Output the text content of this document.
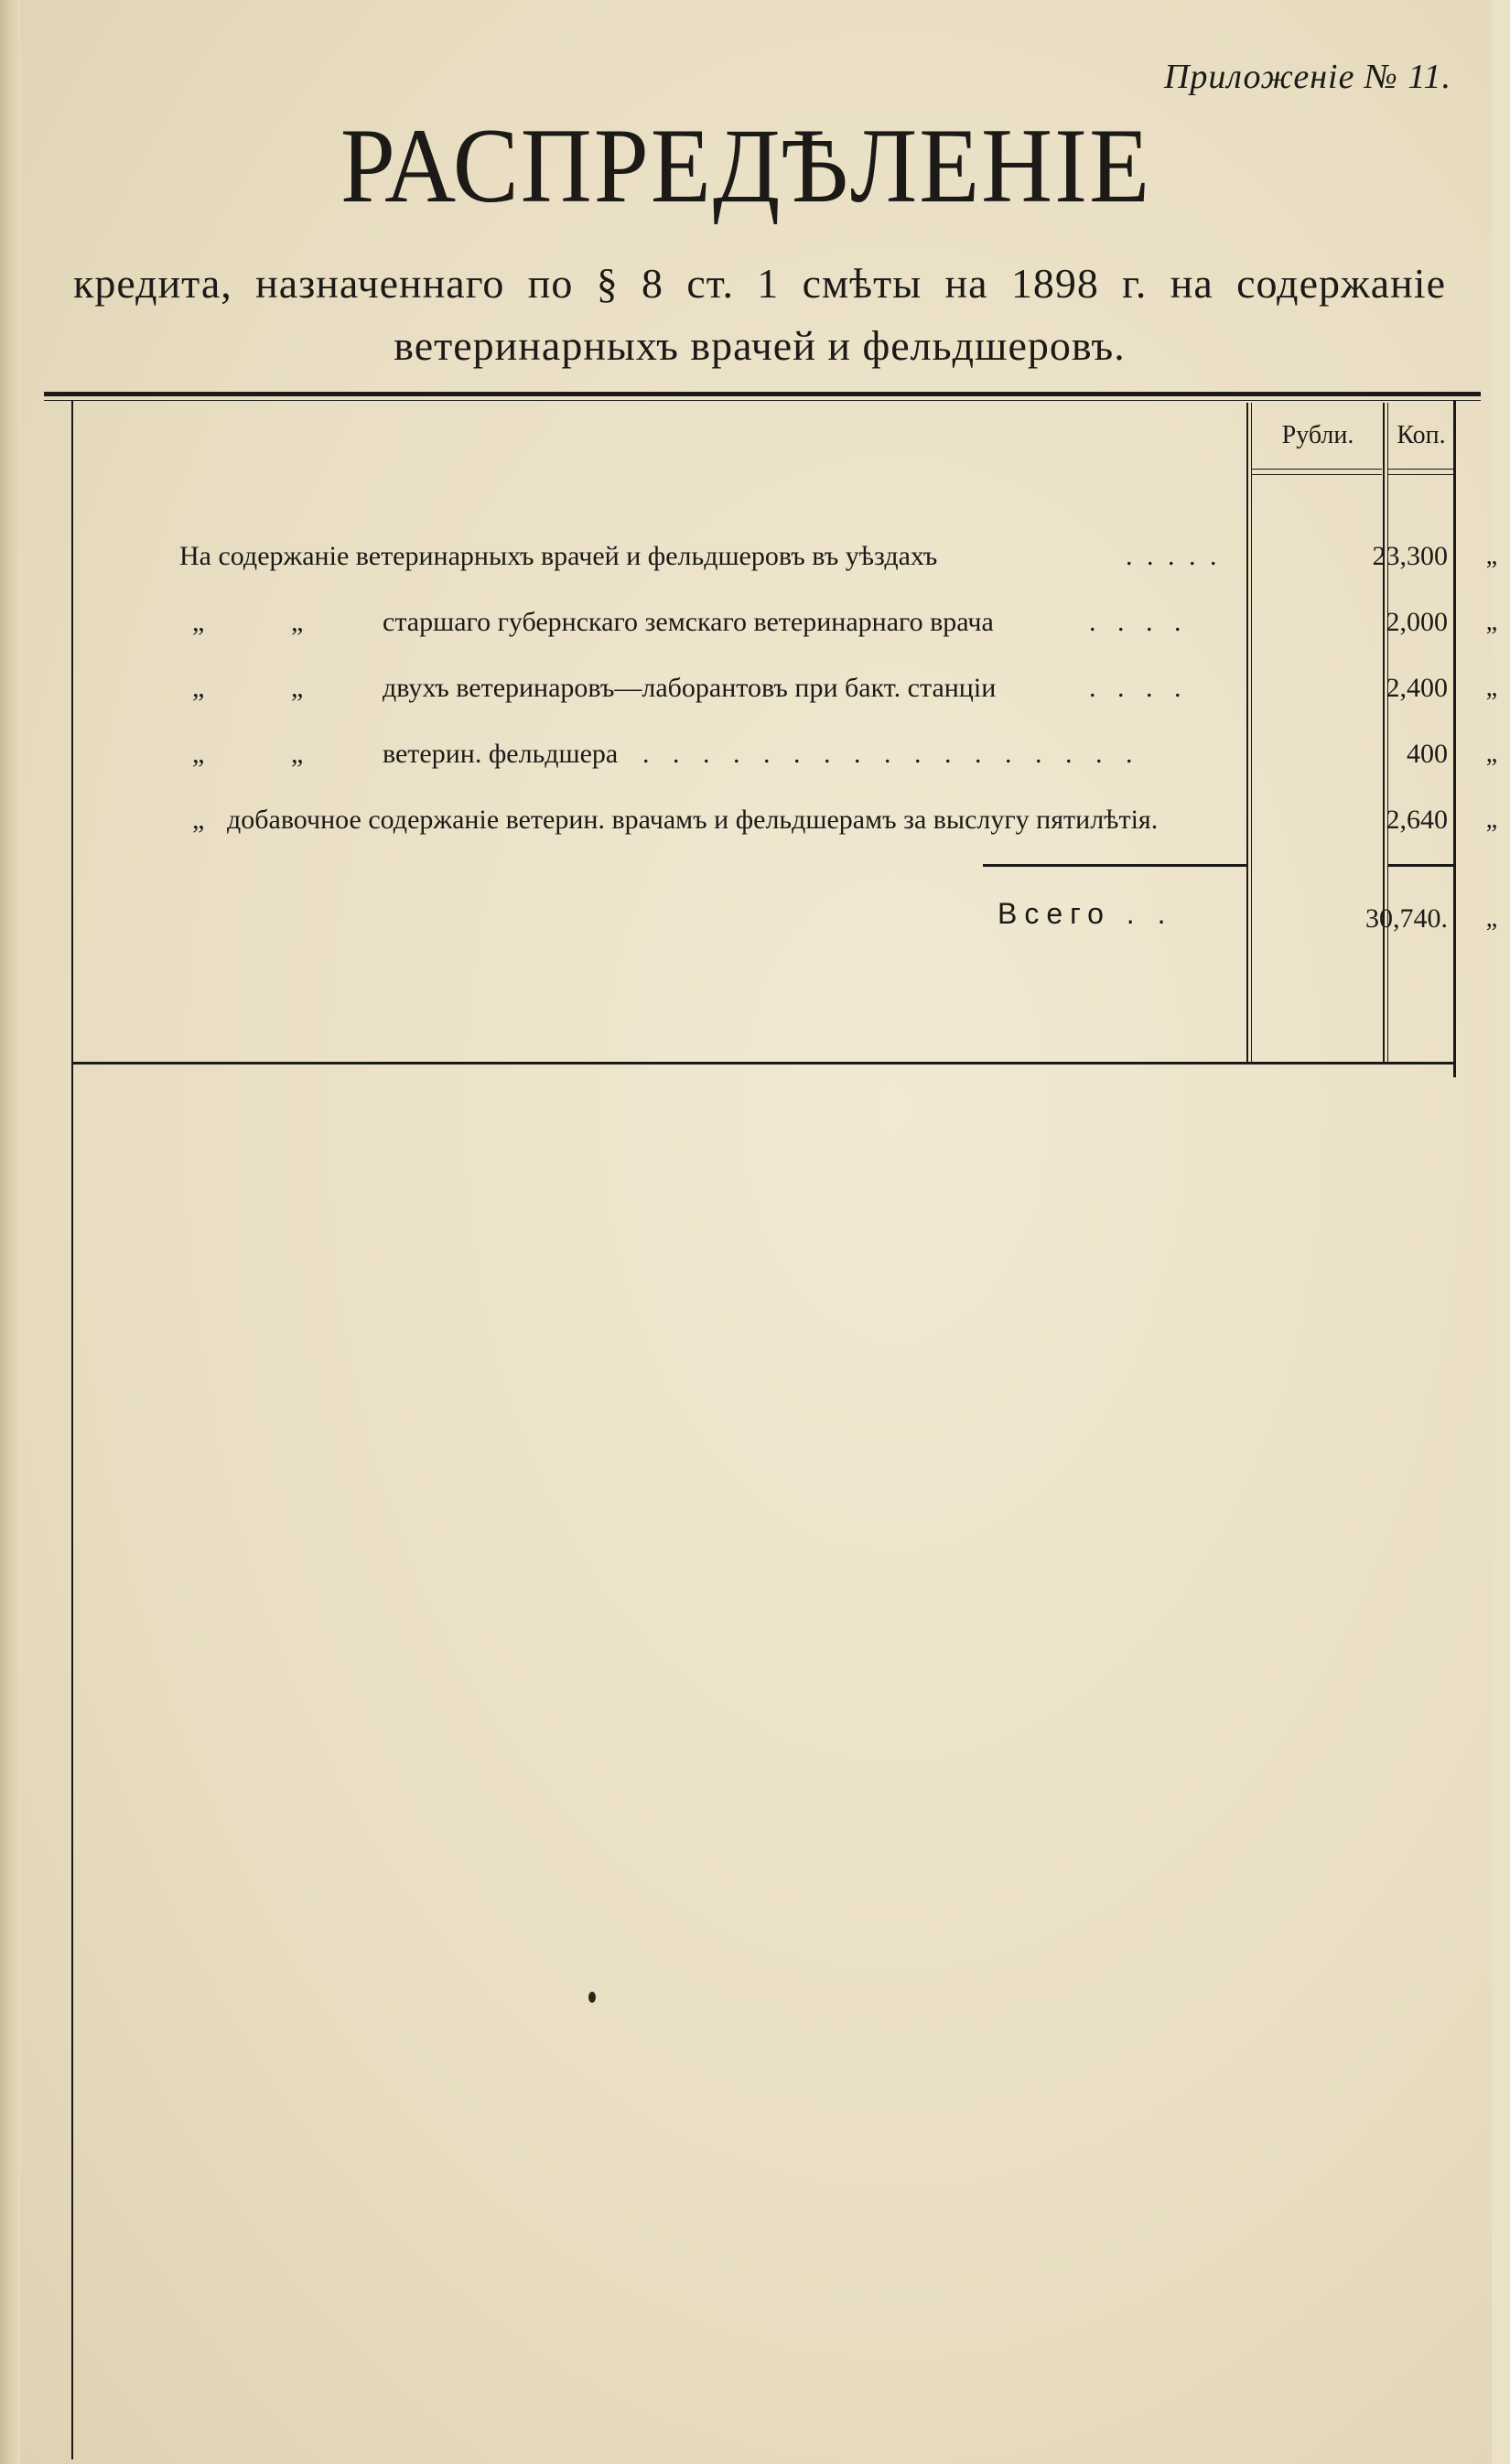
Приложенiе № 11.
РАСПРЕДѢЛЕНIЕ
кредита, назначеннаго по § 8 ст. 1 смѣты на 1898 г. на содержанiе ветеринарныхъ врачей и фельдшеровъ.
Рубли.	Коп.
На содержанiе ветеринарныхъ врачей и фельдшеровъ въ уѣздахъ	. . . . .	23,300	„
„	„	старшаго губернскаго земскаго ветеринарнаго врача	. . . .	2,000	„
„	„	двухъ ветеринаровъ—лаборантовъ при бакт. станцiи	. . . .	2,400	„
„	„	ветерин. фельдшера . . . . . . . . . . . . . . . . .	400	„
„ добавочное содержанiе ветерин. врачамъ и фельдшерамъ за выслугу пятилѣтiя.	2,640	„
Всего . .	30,740.	„
